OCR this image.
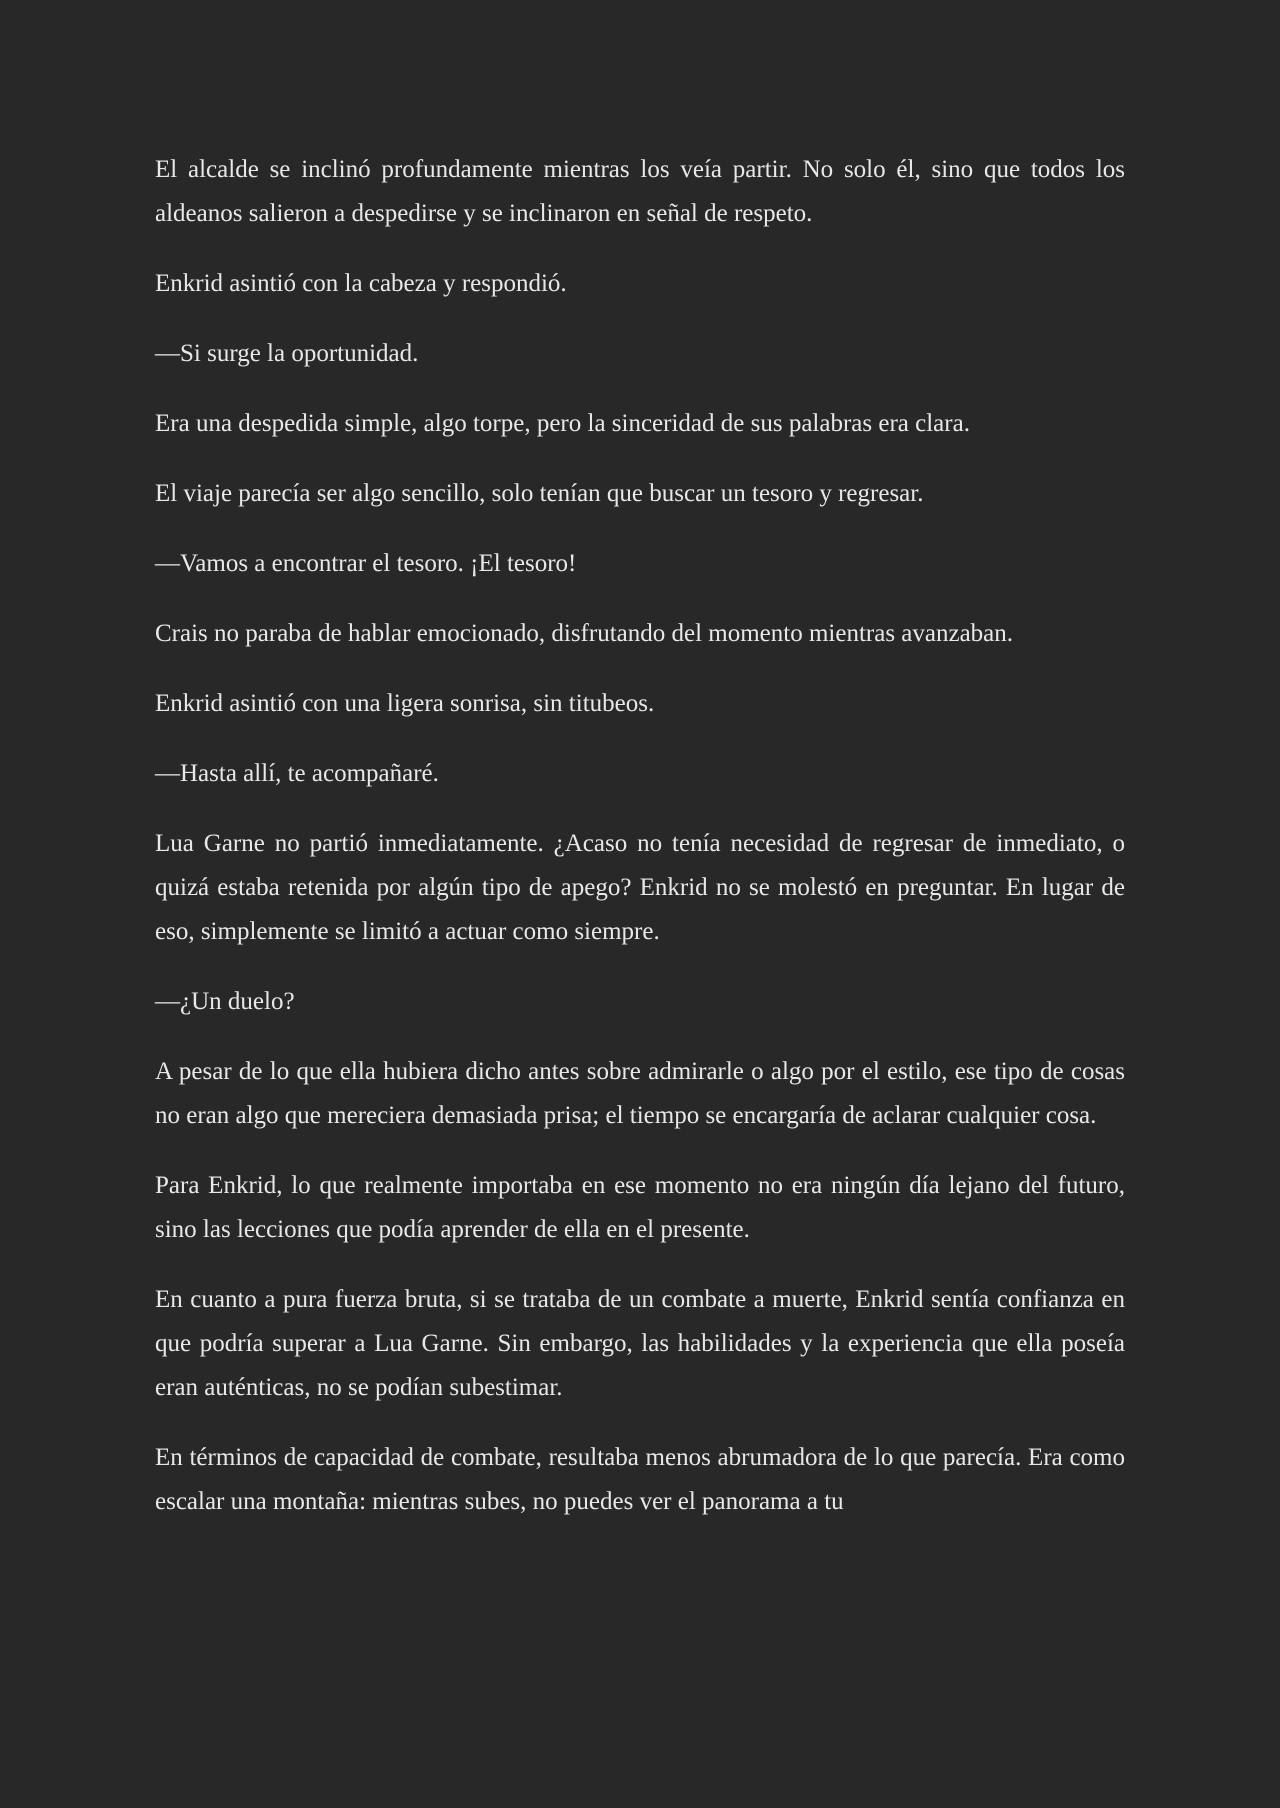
El alcalde se inclinó profundamente mientras los veía partir. No solo él, sino que todos los aldeanos salieron a despedirse y se inclinaron en señal de respeto.

Enkrid asintió con la cabeza y respondió.

—Si surge la oportunidad.

Era una despedida simple, algo torpe, pero la sinceridad de sus palabras era clara.

El viaje parecía ser algo sencillo, solo tenían que buscar un tesoro y regresar.

—Vamos a encontrar el tesoro. ¡El tesoro!

Crais no paraba de hablar emocionado, disfrutando del momento mientras avanzaban.

Enkrid asintió con una ligera sonrisa, sin titubeos.

—Hasta allí, te acompañaré.

Lua Garne no partió inmediatamente. ¿Acaso no tenía necesidad de regresar de inmediato, o quizá estaba retenida por algún tipo de apego? Enkrid no se molestó en preguntar. En lugar de eso, simplemente se limitó a actuar como siempre.

—¿Un duelo?

A pesar de lo que ella hubiera dicho antes sobre admirarle o algo por el estilo, ese tipo de cosas no eran algo que mereciera demasiada prisa; el tiempo se encargaría de aclarar cualquier cosa.

Para Enkrid, lo que realmente importaba en ese momento no era ningún día lejano del futuro, sino las lecciones que podía aprender de ella en el presente.

En cuanto a pura fuerza bruta, si se trataba de un combate a muerte, Enkrid sentía confianza en que podría superar a Lua Garne. Sin embargo, las habilidades y la experiencia que ella poseía eran auténticas, no se podían subestimar.

En términos de capacidad de combate, resultaba menos abrumadora de lo que parecía. Era como escalar una montaña: mientras subes, no puedes ver el panorama a tu
